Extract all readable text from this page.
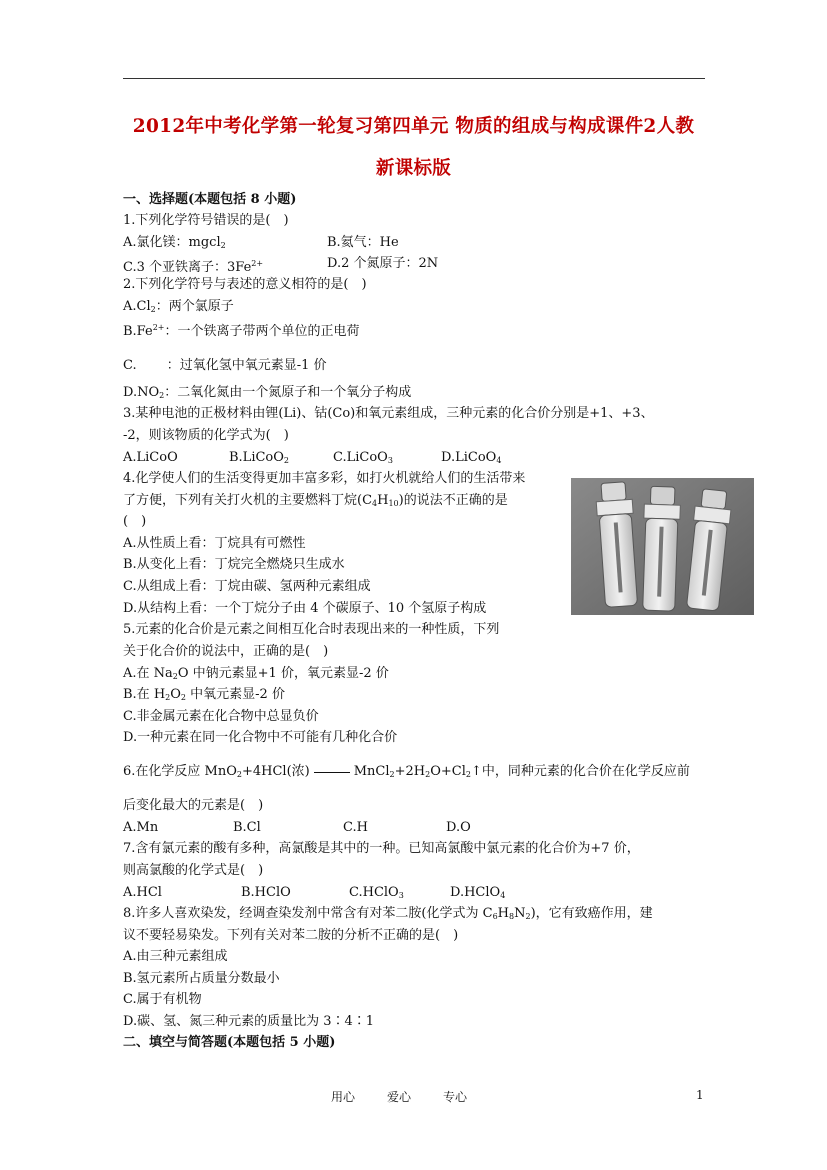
2012年中考化学第一轮复习第四单元 物质的组成与构成课件2人教
新课标版
一、选择题(本题包括 8 小题)
1.下列化学符号错误的是(　)
A.氯化镁：mgcl$_2$	B.氦气：He
C.3 个亚铁离子：$3Fe^{2+}$	D.2 个氮原子：2N
2.下列化学符号与表述的意义相符的是(　)
$A.Cl_2$：两个氯原子
$B.Fe^{2+}$：一个铁离子带两个单位的正电荷
C.　　 ：过氧化氢中氧元素显-1 价
$D.NO_2$：二氧化氮由一个氮原子和一个氧分子构成
3.某种电池的正极材料由锂(Li)、钴(Co)和氧元素组成，三种元素的化合价分别是+1、+3、
-2，则该物质的化学式为(　)
A.LiCoO	B.LiCoO$_2$	C.LiCoO$_3$	D.LiCoO$_4$
4.化学使人们的生活变得更加丰富多彩，如打火机就给人们的生活带来
了方便，下列有关打火机的主要燃料丁烷$(C_4H_{10})$的说法不正确的是
(　)
A.从性质上看：丁烷具有可燃性
B.从变化上看：丁烷完全燃烧只生成水
C.从组成上看：丁烷由碳、氢两种元素组成
D.从结构上看：一个丁烷分子由 4 个碳原子、10 个氢原子构成
5.元素的化合价是元素之间相互化合时表现出来的一种性质，下列
关于化合价的说法中，正确的是(　)
A.在 $Na_2O$ 中钠元素显+1 价，氧元素显-2 价
B.在 $H_2O_2$ 中氧元素显-2 价
C.非金属元素在化合物中总显负价
D.一种元素在同一化合物中不可能有几种化合价
6.在化学反应 MnO$_2$+4HCl(浓)	$MnCl_2+2H_2O+Cl_2↑$中，同种元素的化合价在化学反应前
后变化最大的元素是(　)
A.Mn	B.Cl	C.H	D.O
7.含有氯元素的酸有多种，高氯酸是其中的一种。已知高氯酸中氯元素的化合价为+7 价，
则高氯酸的化学式是(　)
A.HCl	B.HClO	C.HClO$_3$	D.HClO$_4$
8.许多人喜欢染发，经调查染发剂中常含有对苯二胺(化学式为 $C_6H_8N_2$)，它有致癌作用，建
议不要轻易染发。下列有关对苯二胺的分析不正确的是(　)
A.由三种元素组成
B.氢元素所占质量分数最小
C.属于有机物
D.碳、氢、氮三种元素的质量比为 3∶4∶1
二、填空与简答题(本题包括 5 小题)
用心	爱心	专心	1
